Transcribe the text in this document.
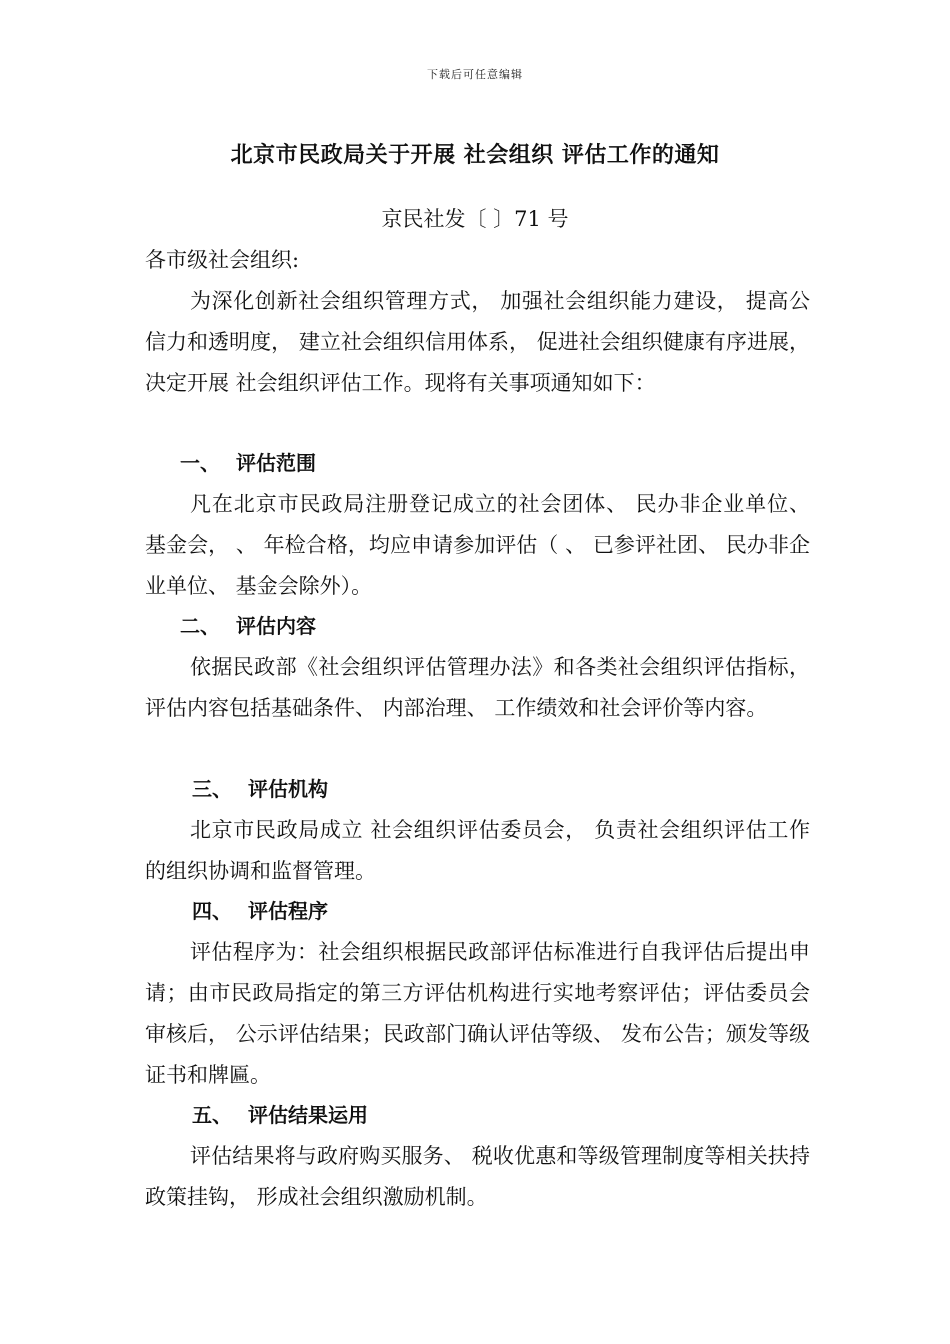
下载后可任意编辑
北京市民政局关于开展 社会组织 评估工作的通知
京民社发〔 〕71 号
各市级社会组织:

为深化创新社会组织管理方式， 加强社会组织能力建设， 提高公信力和透明度， 建立社会组织信用体系， 促进社会组织健康有序进展， 决定开展 社会组织评估工作。现将有关事项通知如下：

一、 评估范围

凡在北京市民政局注册登记成立的社会团体、 民办非企业单位、 基金会， 、 年检合格，均应申请参加评估（ 、 已参评社团、 民办非企业单位、 基金会除外）。

二、 评估内容

依据民政部《社会组织评估管理办法》和各类社会组织评估指标， 评估内容包括基础条件、 内部治理、 工作绩效和社会评价等内容。

三、 评估机构

北京市民政局成立 社会组织评估委员会， 负责社会组织评估工作的组织协调和监督管理。

四、 评估程序

评估程序为：社会组织根据民政部评估标准进行自我评估后提出申请；由市民政局指定的第三方评估机构进行实地考察评估；评估委员会审核后， 公示评估结果；民政部门确认评估等级、 发布公告；颁发等级证书和牌匾。

五、 评估结果运用

评估结果将与政府购买服务、 税收优惠和等级管理制度等相关扶持政策挂钩， 形成社会组织激励机制。
